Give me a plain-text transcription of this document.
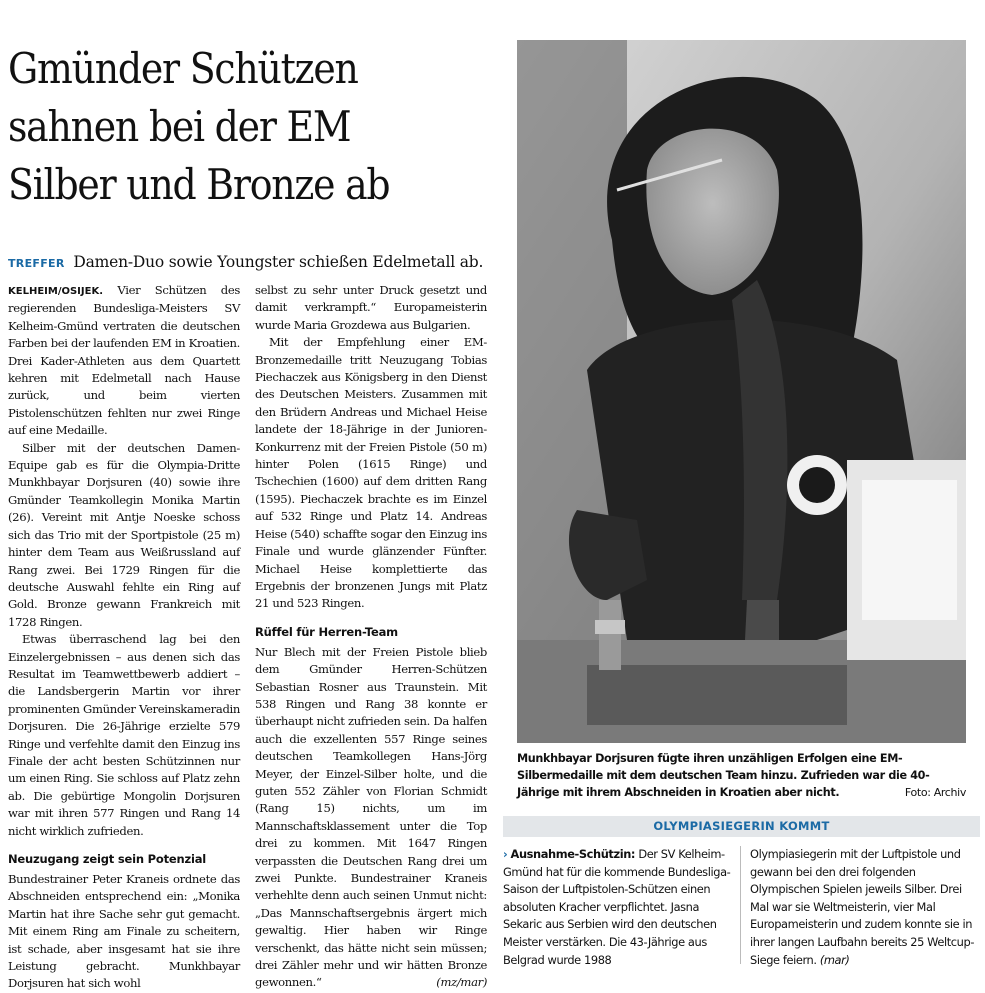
Gmünder Schützen
sahnen bei der EM
Silber und Bronze ab
TREFFER Damen-Duo sowie Youngster schießen Edelmetall ab.

KELHEIM/OSIJEK. Vier Schützen des regierenden Bundesliga-Meisters SV Kelheim-Gmünd vertraten die deutschen Farben bei der laufenden EM in Kroatien. Drei Kader-Athleten aus dem Quartett kehren mit Edelmetall nach Hause zurück, und beim vierten Pistolenschützen fehlten nur zwei Ringe auf eine Medaille.

Silber mit der deutschen Damen-Equipe gab es für die Olympia-Dritte Munkhbayar Dorjsuren (40) sowie ihre Gmünder Teamkollegin Monika Martin (26). Vereint mit Antje Noeske schoss sich das Trio mit der Sportpistole (25 m) hinter dem Team aus Weißrussland auf Rang zwei. Bei 1729 Ringen für die deutsche Auswahl fehlte ein Ring auf Gold. Bronze gewann Frankreich mit 1728 Ringen.

Etwas überraschend lag bei den Einzelergebnissen – aus denen sich das Resultat im Teamwettbewerb addiert – die Landsbergerin Martin vor ihrer prominenten Gmünder Vereinskameradin Dorjsuren. Die 26-Jährige erzielte 579 Ringe und verfehlte damit den Einzug ins Finale der acht besten Schützinnen nur um einen Ring. Sie schloss auf Platz zehn ab. Die gebürtige Mongolin Dorjsuren war mit ihren 577 Ringen und Rang 14 nicht wirklich zufrieden.

Neuzugang zeigt sein Potenzial

Bundestrainer Peter Kraneis ordnete das Abschneiden entsprechend ein: „Monika Martin hat ihre Sache sehr gut gemacht. Mit einem Ring am Finale zu scheitern, ist schade, aber insgesamt hat sie ihre Leistung gebracht. Munkhbayar Dorjsuren hat sich wohl

selbst zu sehr unter Druck gesetzt und damit verkrampft.“ Europameisterin wurde Maria Grozdewa aus Bulgarien.

Mit der Empfehlung einer EM-Bronzemedaille tritt Neuzugang Tobias Piechaczek aus Königsberg in den Dienst des Deutschen Meisters. Zusammen mit den Brüdern Andreas und Michael Heise landete der 18-Jährige in der Junioren-Konkurrenz mit der Freien Pistole (50 m) hinter Polen (1615 Ringe) und Tschechien (1600) auf dem dritten Rang (1595). Piechaczek brachte es im Einzel auf 532 Ringe und Platz 14. Andreas Heise (540) schaffte sogar den Einzug ins Finale und wurde glänzender Fünfter. Michael Heise komplettierte das Ergebnis der bronzenen Jungs mit Platz 21 und 523 Ringen.

Rüffel für Herren-Team

Nur Blech mit der Freien Pistole blieb dem Gmünder Herren-Schützen Sebastian Rosner aus Traunstein. Mit 538 Ringen und Rang 38 konnte er überhaupt nicht zufrieden sein. Da halfen auch die exzellenten 557 Ringe seines deutschen Teamkollegen Hans-Jörg Meyer, der Einzel-Silber holte, und die guten 552 Zähler von Florian Schmidt (Rang 15) nichts, um im Mannschaftsklassement unter die Top drei zu kommen. Mit 1647 Ringen verpassten die Deutschen Rang drei um zwei Punkte. Bundestrainer Kraneis verhehlte denn auch seinen Unmut nicht: „Das Mannschaftsergebnis ärgert mich gewaltig. Hier haben wir Ringe verschenkt, das hätte nicht sein müssen; drei Zähler mehr und wir hätten Bronze gewonnen.“	(mz/mar)

Munkhbayar Dorjsuren fügte ihren unzähligen Erfolgen eine EM-Silbermedaille mit dem deutschen Team hinzu. Zufrieden war die 40-Jährige mit ihrem Abschneiden in Kroatien aber nicht.	Foto: Archiv
OLYMPIASIEGERIN KOMMT
› Ausnahme-Schützin: Der SV Kelheim-Gmünd hat für die kommende Bundesliga-Saison der Luftpistolen-Schützen einen absoluten Kracher verpflichtet. Jasna Sekaric aus Serbien wird den deutschen Meister verstärken. Die 43-Jährige aus Belgrad wurde 1988
Olympiasiegerin mit der Luftpistole und gewann bei den drei folgenden Olympischen Spielen jeweils Silber. Drei Mal war sie Weltmeisterin, vier Mal Europameisterin und zudem konnte sie in ihrer langen Laufbahn bereits 25 Weltcup-Siege feiern. (mar)
